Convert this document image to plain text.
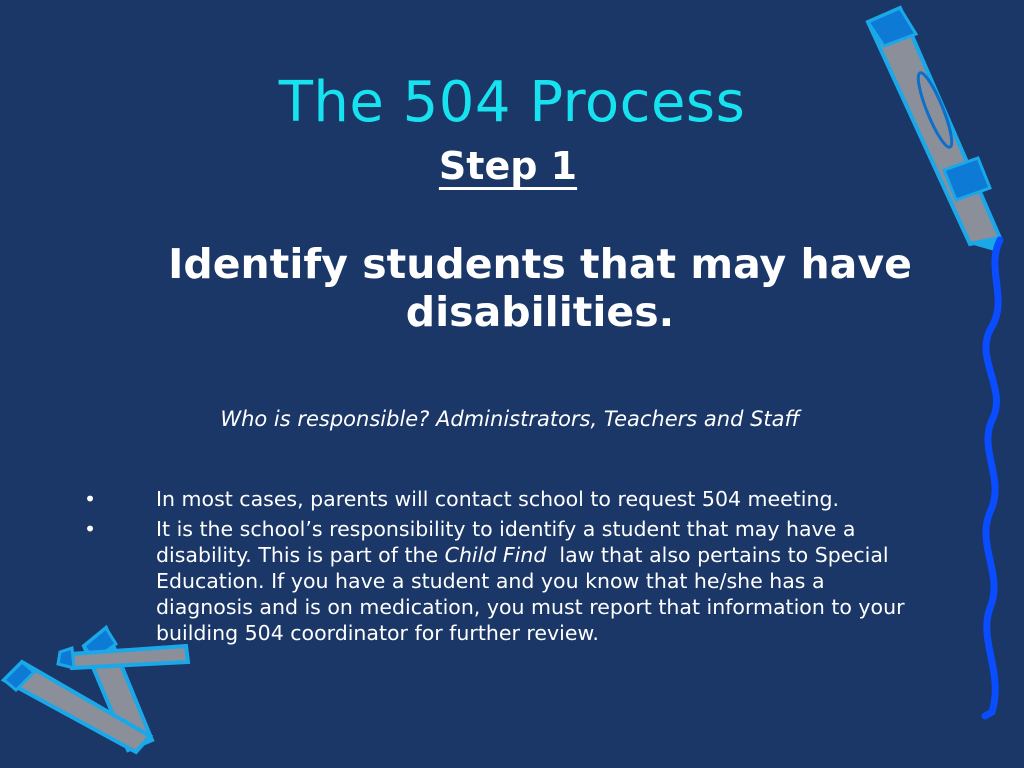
The 504 Process
Step 1
Identify students that may have disabilities.
Who is responsible? Administrators, Teachers and Staff
•	In most cases, parents will contact school to request 504 meeting.
•	It is the school’s responsibility to identify a student that may have a disability. This is part of the Child Find  law that also pertains to Special Education. If you have a student and you know that he/she has a diagnosis and is on medication, you must report that information to your building 504 coordinator for further review.
